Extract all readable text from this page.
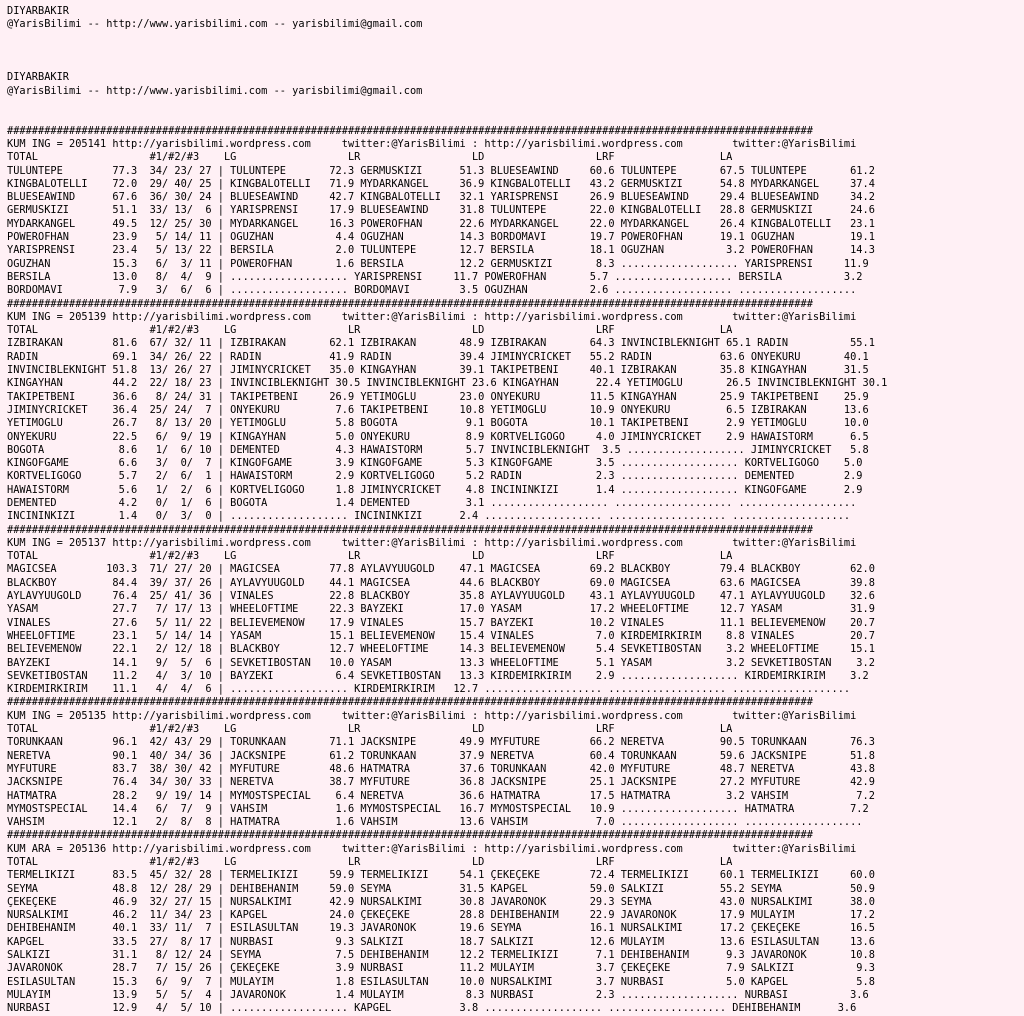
DIYARBAKIR
@YarisBilimi -- http://www.yarisbilimi.com -- yarisbilimi@gmail.com
DIYARBAKIR
@YarisBilimi -- http://www.yarisbilimi.com -- yarisbilimi@gmail.com
##################################################################################################################################
KUM ING = 205141 http://yarisbilimi.wordpress.com     twitter:@YarisBilimi : http://yarisbilimi.wordpress.com        twitter:@YarisBilimi
TOTAL                  #1/#2/#3    LG                  LR                  LD                  LRF                 LA
TÜLÜNTEPE        77.3  34/ 23/ 27 | TÜLÜNTEPE       72.3 GERMUSKIZI      51.3 BLUESEAWIND     60.6 TÜLÜNTEPE       67.5 TÜLÜNTEPE       61.2
KINGBALOTELLI    72.0  29/ 40/ 25 | KINGBALOTELLI   71.9 MYDARKANGEL     36.9 KINGBALOTELLI   43.2 GERMUSKIZI      54.8 MYDARKANGEL     37.4
BLUESEAWIND      67.6  36/ 30/ 24 | BLUESEAWIND     42.7 KINGBALOTELLI   32.1 YARISPRENSI     26.9 BLUESEAWIND     29.4 BLUESEAWIND     34.2
GERMUSKIZI       51.1  33/ 13/  6 | YARISPRENSI     17.9 BLUESEAWIND     31.8 TÜLÜNTEPE       22.0 KINGBALOTELLI   28.8 GERMUSKIZI      24.6
MYDARKANGEL      49.5  12/ 25/ 30 | MYDARKANGEL     16.3 POWEROFHAN      22.6 MYDARKANGEL     22.0 MYDARKANGEL     26.4 KINGBALOTELLI   23.1
POWEROFHAN       23.9   5/ 14/ 11 | OGUZHAN          4.4 OGUZHAN         14.3 BORDOMAVI       19.7 POWEROFHAN      19.1 OGUZHAN         19.1
YARISPRENSI      23.4   5/ 13/ 22 | BERSILA          2.0 TÜLÜNTEPE       12.7 BERSILA         18.1 OGUZHAN          3.2 POWEROFHAN      14.3
OGUZHAN          15.3   6/  3/ 11 | POWEROFHAN       1.6 BERSILA         12.2 GERMUSKIZI       8.3 ................... YARISPRENSI     11.9
BERSILA          13.0   8/  4/  9 | ................... YARISPRENSI     11.7 POWEROFHAN       5.7 ................... BERSILA          3.2
BORDOMAVI         7.9   3/  6/  6 | ................... BORDOMAVI        3.5 OGUZHAN          2.6 ................... ...................
##################################################################################################################################
KUM ING = 205139 http://yarisbilimi.wordpress.com     twitter:@YarisBilimi : http://yarisbilimi.wordpress.com        twitter:@YarisBilimi
TOTAL                  #1/#2/#3    LG                  LR                  LD                  LRF                 LA
IZBIRAKAN        81.6  67/ 32/ 11 | IZBIRAKAN       62.1 IZBIRAKAN       48.9 IZBIRAKAN       64.3 INVINCIBLEKNIGHT 65.1 RADIN          55.1
RADIN            69.1  34/ 26/ 22 | RADIN           41.9 RADIN           39.4 JIMINYCRICKET   55.2 RADIN           63.6 ONYEKURU       40.1
INVINCIBLEKNIGHT 51.8  13/ 26/ 27 | JIMINYCRICKET   35.0 KINGAYHAN       39.1 TAKIPETBENI     40.1 IZBIRAKAN       35.8 KINGAYHAN      31.5
KINGAYHAN        44.2  22/ 18/ 23 | INVINCIBLEKNIGHT 30.5 INVINCIBLEKNIGHT 23.6 KINGAYHAN      22.4 YETIMOGLU       26.5 INVINCIBLEKNIGHT 30.1
TAKIPETBENI      36.6   8/ 24/ 31 | TAKIPETBENI     26.9 YETIMOGLU       23.0 ONYEKURU        11.5 KINGAYHAN       25.9 TAKIPETBENI    25.9
JIMINYCRICKET    36.4  25/ 24/  7 | ONYEKURU         7.6 TAKIPETBENI     10.8 YETIMOGLU       10.9 ONYEKURU         6.5 IZBIRAKAN      13.6
YETIMOGLU        26.7   8/ 13/ 20 | YETIMOGLU        5.8 BOGOTA           9.1 BOGOTA          10.1 TAKIPETBENI      2.9 YETIMOGLU      10.0
ONYEKURU         22.5   6/  9/ 19 | KINGAYHAN        5.0 ONYEKURU         8.9 KORTVELIGOGO     4.0 JIMINYCRICKET    2.9 HAWAISTORM      6.5
BOGOTA            8.6   1/  6/ 10 | DEMENTED         4.3 HAWAISTORM       5.7 INVINCIBLEKNIGHT  3.5 ................... JIMINYCRICKET   5.8
KINGOFGAME        6.6   3/  0/  7 | KINGOFGAME       3.9 KINGOFGAME       5.3 KINGOFGAME       3.5 ................... KORTVELIGOGO    5.0
KORTVELIGOGO      5.7   2/  6/  1 | HAWAISTORM       2.9 KORTVELIGOGO     5.2 RADIN            2.3 ................... DEMENTED        2.9
HAWAISTORM        5.6   1/  2/  6 | KORTVELIGOGO     1.8 JIMINYCRICKET    4.8 INCININKIZI      1.4 ................... KINGOFGAME      2.9
DEMENTED          4.2   0/  1/  6 | BOGOTA           1.4 DEMENTED         3.1 ................... ................... ...................
INCININKIZI       1.4   0/  3/  0 | ................... INCININKIZI      2.4 ................... ................... ...................
##################################################################################################################################
KUM ING = 205137 http://yarisbilimi.wordpress.com     twitter:@YarisBilimi : http://yarisbilimi.wordpress.com        twitter:@YarisBilimi
TOTAL                  #1/#2/#3    LG                  LR                  LD                  LRF                 LA
MAGICSEA        103.3  71/ 27/ 20 | MAGICSEA        77.8 AYLAVYUUGOLD    47.1 MAGICSEA        69.2 BLACKBOY        79.4 BLACKBOY        62.0
BLACKBOY         84.4  39/ 37/ 26 | AYLAVYUUGOLD    44.1 MAGICSEA        44.6 BLACKBOY        69.0 MAGICSEA        63.6 MAGICSEA        39.8
AYLAVYUUGOLD     76.4  25/ 41/ 36 | VINALES         22.8 BLACKBOY        35.8 AYLAVYUUGOLD    43.1 AYLAVYUUGOLD    47.1 AYLAVYUUGOLD    32.6
YASAM            27.7   7/ 17/ 13 | WHEELOFTIME     22.3 BAYZEKI         17.0 YASAM           17.2 WHEELOFTIME     12.7 YASAM           31.9
VINALES          27.6   5/ 11/ 22 | BELIEVEMENOW    17.9 VINALES         15.7 BAYZEKI         10.2 VINALES         11.1 BELIEVEMENOW    20.7
WHEELOFTIME      23.1   5/ 14/ 14 | YASAM           15.1 BELIEVEMENOW    15.4 VINALES          7.0 KIRDEMIRKIRIM    8.8 VINALES         20.7
BELIEVEMENOW     22.1   2/ 12/ 18 | BLACKBOY        12.7 WHEELOFTIME     14.3 BELIEVEMENOW     5.4 SEVKETIBOSTAN    3.2 WHEELOFTIME     15.1
BAYZEKI          14.1   9/  5/  6 | SEVKETIBOSTAN   10.0 YASAM           13.3 WHEELOFTIME      5.1 YASAM            3.2 SEVKETIBOSTAN    3.2
SEVKETIBOSTAN    11.2   4/  3/ 10 | BAYZEKI          6.4 SEVKETIBOSTAN   13.3 KIRDEMIRKIRIM    2.9 ................... KIRDEMIRKIRIM    3.2
KIRDEMIRKIRIM    11.1   4/  4/  6 | ................... KIRDEMIRKIRIM   12.7 ................... ................... ...................
##################################################################################################################################
KUM ING = 205135 http://yarisbilimi.wordpress.com     twitter:@YarisBilimi : http://yarisbilimi.wordpress.com        twitter:@YarisBilimi
TOTAL                  #1/#2/#3    LG                  LR                  LD                  LRF                 LA
TORUNKAAN        96.1  42/ 43/ 29 | TORUNKAAN       71.1 JACKSNIPE       49.9 MYFUTURE        66.2 NERETVA         90.5 TORUNKAAN       76.3
NERETVA          90.1  40/ 34/ 36 | JACKSNIPE       61.2 TORUNKAAN       37.9 NERETVA         60.4 TORUNKAAN       59.6 JACKSNIPE       51.8
MYFUTURE         83.7  38/ 30/ 42 | MYFUTURE        48.6 HATMATRA        37.6 TORUNKAAN       42.0 MYFUTURE        48.7 NERETVA         43.8
JACKSNIPE        76.4  34/ 30/ 33 | NERETVA         38.7 MYFUTURE        36.8 JACKSNIPE       25.1 JACKSNIPE       27.2 MYFUTURE        42.9
HATMATRA         28.2   9/ 19/ 14 | MYMOSTSPECIAL    6.4 NERETVA         36.6 HATMATRA        17.5 HATMATRA         3.2 VAHSIM           7.2
MYMOSTSPECIAL    14.4   6/  7/  9 | VAHSIM           1.6 MYMOSTSPECIAL   16.7 MYMOSTSPECIAL   10.9 ................... HATMATRA         7.2
VAHSIM           12.1   2/  8/  8 | HATMATRA         1.6 VAHSIM          13.6 VAHSIM           7.0 ................... ...................
##################################################################################################################################
KUM ARA = 205136 http://yarisbilimi.wordpress.com     twitter:@YarisBilimi : http://yarisbilimi.wordpress.com        twitter:@YarisBilimi
TOTAL                  #1/#2/#3    LG                  LR                  LD                  LRF                 LA
TERMELIKIZI      83.5  45/ 32/ 28 | TERMELIKIZI     59.9 TERMELIKIZI     54.1 ÇEKEÇEKE        72.4 TERMELIKIZI     60.1 TERMELIKIZI     60.0
SEYMA            48.8  12/ 28/ 29 | DEHIBEHANIM     59.0 SEYMA           31.5 KAPGEL          59.0 SALKIZI         55.2 SEYMA           50.9
ÇEKEÇEKE         46.9  32/ 27/ 15 | NURSALKIMI      42.9 NURSALKIMI      30.8 JAVARONOK       29.3 SEYMA           43.0 NURSALKIMI      38.0
NURSALKIMI       46.2  11/ 34/ 23 | KAPGEL          24.0 ÇEKEÇEKE        28.8 DEHIBEHANIM     22.9 JAVARONOK       17.9 MÜLAYIM         17.2
DEHIBEHANIM      40.1  33/ 11/  7 | ESILASULTAN     19.3 JAVARONOK       19.6 SEYMA           16.1 NURSALKIMI      17.2 ÇEKEÇEKE        16.5
KAPGEL           33.5  27/  8/ 17 | NURBASI          9.3 SALKIZI         18.7 SALKIZI         12.6 MÜLAYIM         13.6 ESILASULTAN     13.6
SALKIZI          31.1   8/ 12/ 24 | SEYMA            7.5 DEHIBEHANIM     12.2 TERMELIKIZI      7.1 DEHIBEHANIM      9.3 JAVARONOK       10.8
JAVARONOK        28.7   7/ 15/ 26 | ÇEKEÇEKE         3.9 NURBASI         11.2 MÜLAYIM          3.7 ÇEKEÇEKE         7.9 SALKIZI          9.3
ESILASULTAN      15.3   6/  9/  7 | MÜLAYIM          1.8 ESILASULTAN     10.0 NURSALKIMI       3.7 NURBASI          5.0 KAPGEL           5.8
MÜLAYIM          13.9   5/  5/  4 | JAVARONOK        1.4 MÜLAYIM          8.3 NURBASI          2.3 ................... NURBASI          3.6
NURBASI          12.9   4/  5/ 10 | ................... KAPGEL           3.8 ................... ................... DEHIBEHANIM      3.6
